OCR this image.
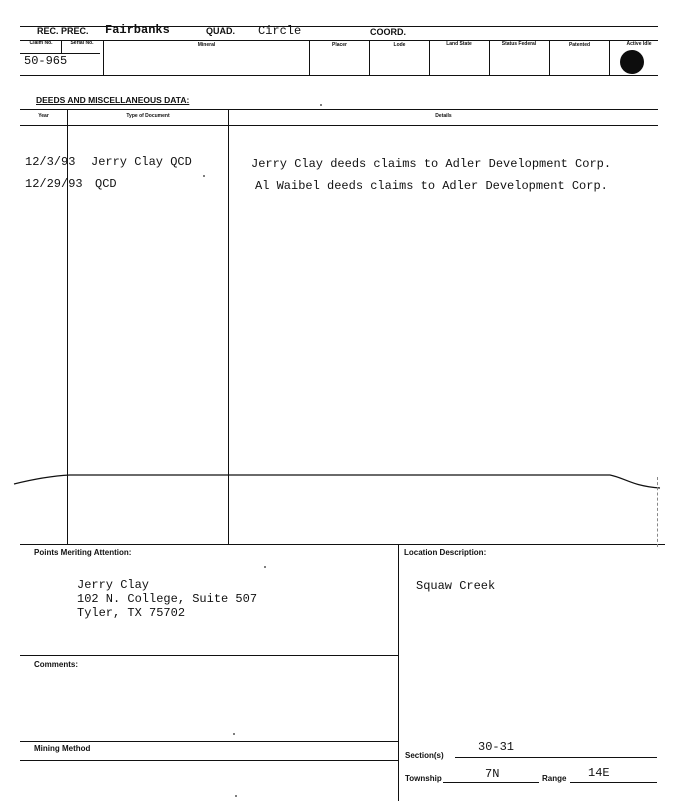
REC. PREC. Fairbanks	QUAD. Circle	COORD.
Claim No.	Serial No.	Mineral	Placer	Lode	Land State	Status Federal	Patented	Active Idle
50-965
DEEDS AND MISCELLANEOUS DATA:
Year	Type of Document	Details
12/3/93 Jerry Clay QCD	Jerry Clay deeds claims to Adler Development Corp.
12/29/93 QCD	Al Waibel deeds claims to Adler Development Corp.
Points Meriting Attention:
Jerry Clay
102 N. College, Suite 507
Tyler, TX 75702
Comments:
Mining Method
Location Description:
Squaw Creek
Section(s)
30-31
Township	7N	Range 14E
